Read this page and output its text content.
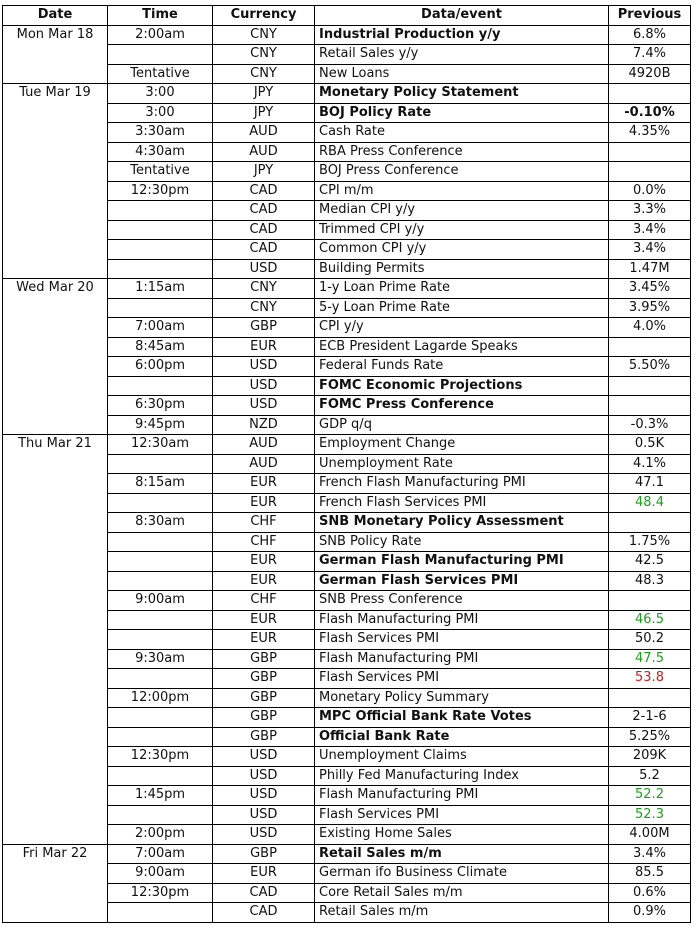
Date	Time	Currency	Data/event	Previous
Mon Mar 18	2:00am	CNY	Industrial Production y/y	6.8%
		CNY	Retail Sales y/y	7.4%
	Tentative	CNY	New Loans	4920B
Tue Mar 19	3:00	JPY	Monetary Policy Statement	
	3:00	JPY	BOJ Policy Rate	-0.10%
	3:30am	AUD	Cash Rate	4.35%
	4:30am	AUD	RBA Press Conference	
	Tentative	JPY	BOJ Press Conference	
	12:30pm	CAD	CPI m/m	0.0%
		CAD	Median CPI y/y	3.3%
		CAD	Trimmed CPI y/y	3.4%
		CAD	Common CPI y/y	3.4%
		USD	Building Permits	1.47M
Wed Mar 20	1:15am	CNY	1-y Loan Prime Rate	3.45%
		CNY	5-y Loan Prime Rate	3.95%
	7:00am	GBP	CPI y/y	4.0%
	8:45am	EUR	ECB President Lagarde Speaks	
	6:00pm	USD	Federal Funds Rate	5.50%
		USD	FOMC Economic Projections	
	6:30pm	USD	FOMC Press Conference	
	9:45pm	NZD	GDP q/q	-0.3%
Thu Mar 21	12:30am	AUD	Employment Change	0.5K
		AUD	Unemployment Rate	4.1%
	8:15am	EUR	French Flash Manufacturing PMI	47.1
		EUR	French Flash Services PMI	48.4
	8:30am	CHF	SNB Monetary Policy Assessment	
		CHF	SNB Policy Rate	1.75%
		EUR	German Flash Manufacturing PMI	42.5
		EUR	German Flash Services PMI	48.3
	9:00am	CHF	SNB Press Conference	
		EUR	Flash Manufacturing PMI	46.5
		EUR	Flash Services PMI	50.2
	9:30am	GBP	Flash Manufacturing PMI	47.5
		GBP	Flash Services PMI	53.8
	12:00pm	GBP	Monetary Policy Summary	
		GBP	MPC Official Bank Rate Votes	2-1-6
		GBP	Official Bank Rate	5.25%
	12:30pm	USD	Unemployment Claims	209K
		USD	Philly Fed Manufacturing Index	5.2
	1:45pm	USD	Flash Manufacturing PMI	52.2
		USD	Flash Services PMI	52.3
	2:00pm	USD	Existing Home Sales	4.00M
Fri Mar 22	7:00am	GBP	Retail Sales m/m	3.4%
	9:00am	EUR	German ifo Business Climate	85.5
	12:30pm	CAD	Core Retail Sales m/m	0.6%
		CAD	Retail Sales m/m	0.9%
